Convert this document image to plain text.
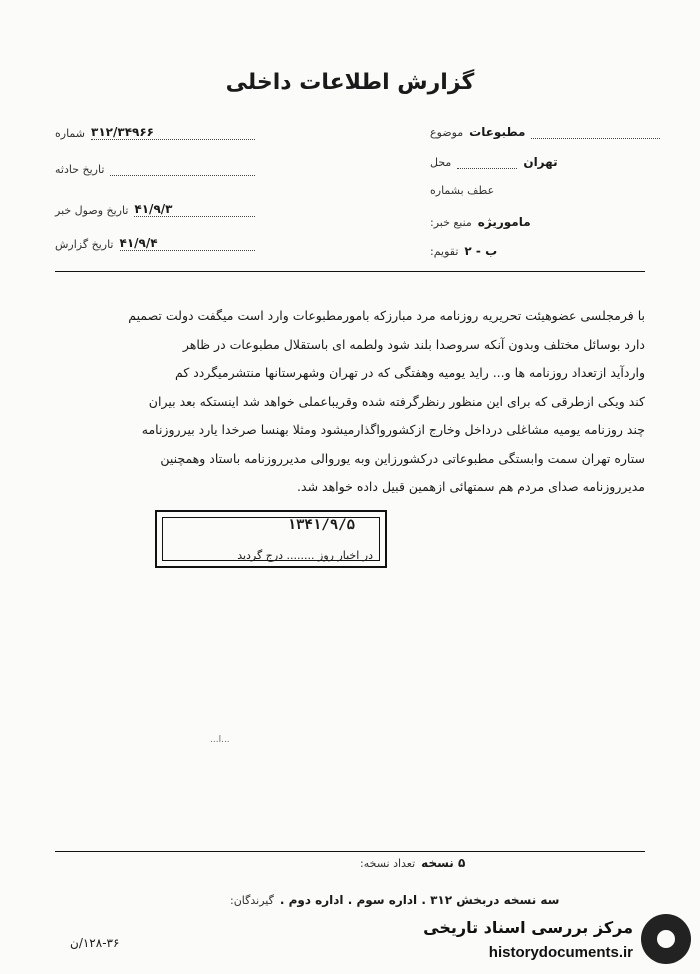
گزارش اطلاعات داخلی
موضوع مطبوعات
محل	تهران
عطف بشماره
منبع خبر: ماموریژه
تقویم: ب - ۲
شماره ۳۱۲/۳۴۹۶۶
تاریخ حادثه
تاریخ وصول خبر ۴۱/۹/۳
تاریخ گزارش ۴۱/۹/۴

با فرمجلسی عضوهیئت تحریریه روزنامه مرد مبارزکه بامورمطبوعات وارد است میگفت دولت تصمیم

دارد بوسائل مختلف وبدون آنکه سروصدا بلند شود ولطمه ای باستقلال مطبوعات در ظاهر

واردآید ازتعداد روزنامه ها و... راید یومیه وهفتگی که در تهران وشهرستانها منتشرمیگردد کم

کند ویکی ازطرقی که برای این منظور رنظرگرفته شده وقریباعملی خواهد شد اینستکه بعد بیران

چند روزنامه یومیه مشاغلی درداخل وخارج ازکشورواگذارمیشود ومثلا بهنسا صرخدا یارد بیرروزنامه

ستاره تهران سمت وابستگی مطبوعاتی درکشورزاین وبه یوروالی مدیرروزنامه باستاد وهمچنین

مدیرروزنامه صدای مردم هم سمتهائی ازهمین قبیل داده خواهد شد.

۱۳۴۱/۹/۵
در اخبار روز ........ درج گردید
...ا...
تعداد نسخه: ۵ نسخه
گیرندگان: سه نسخه دربخش ۳۱۲ . اداره سوم . اداره دوم .
مرکز بررسی اسناد تاریخی
historydocuments.ir
۱۲۸-۳۶/ن
